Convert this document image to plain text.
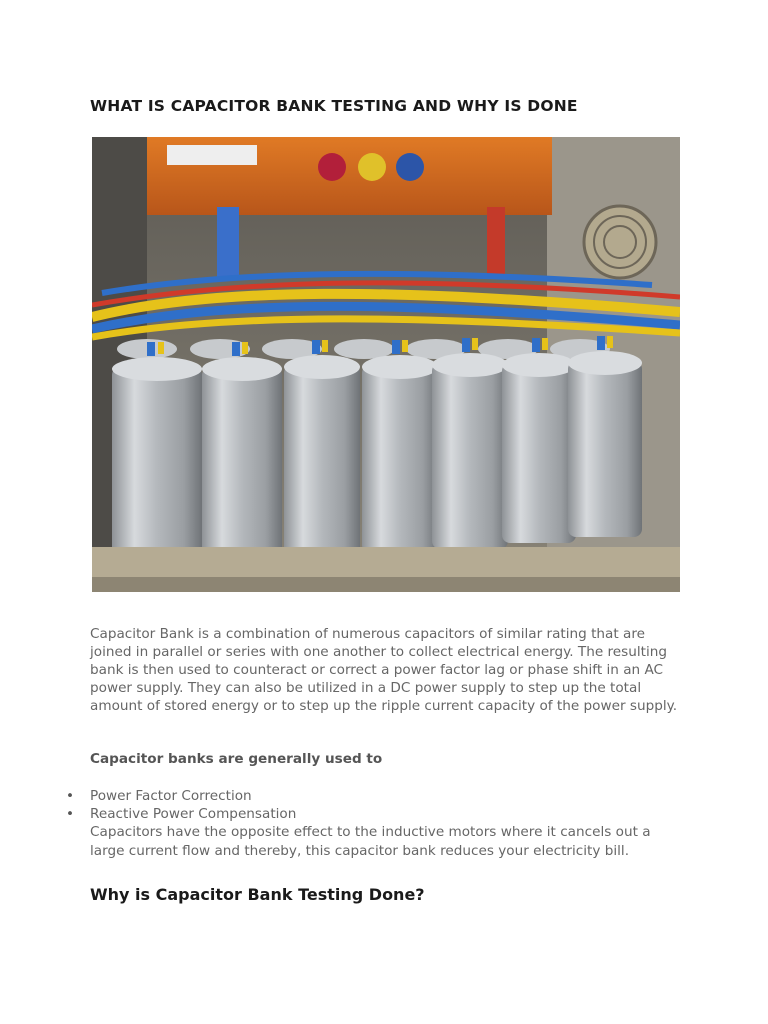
WHAT IS CAPACITOR BANK TESTING AND WHY IS DONE

Capacitor Bank is a combination of numerous capacitors of similar rating that are joined in parallel or series with one another to collect electrical energy. The resulting bank is then used to counteract or correct a power factor lag or phase shift in an AC power supply. They can also be utilized in a DC power supply to step up the total amount of stored energy or to step up the ripple current capacity of the power supply.

Capacitor banks are generally used to

• Power Factor Correction
• Reactive Power Compensation

Capacitors have the opposite effect to the inductive motors where it cancels out a large current flow and thereby, this capacitor bank reduces your electricity bill.

Why is Capacitor Bank Testing Done?
